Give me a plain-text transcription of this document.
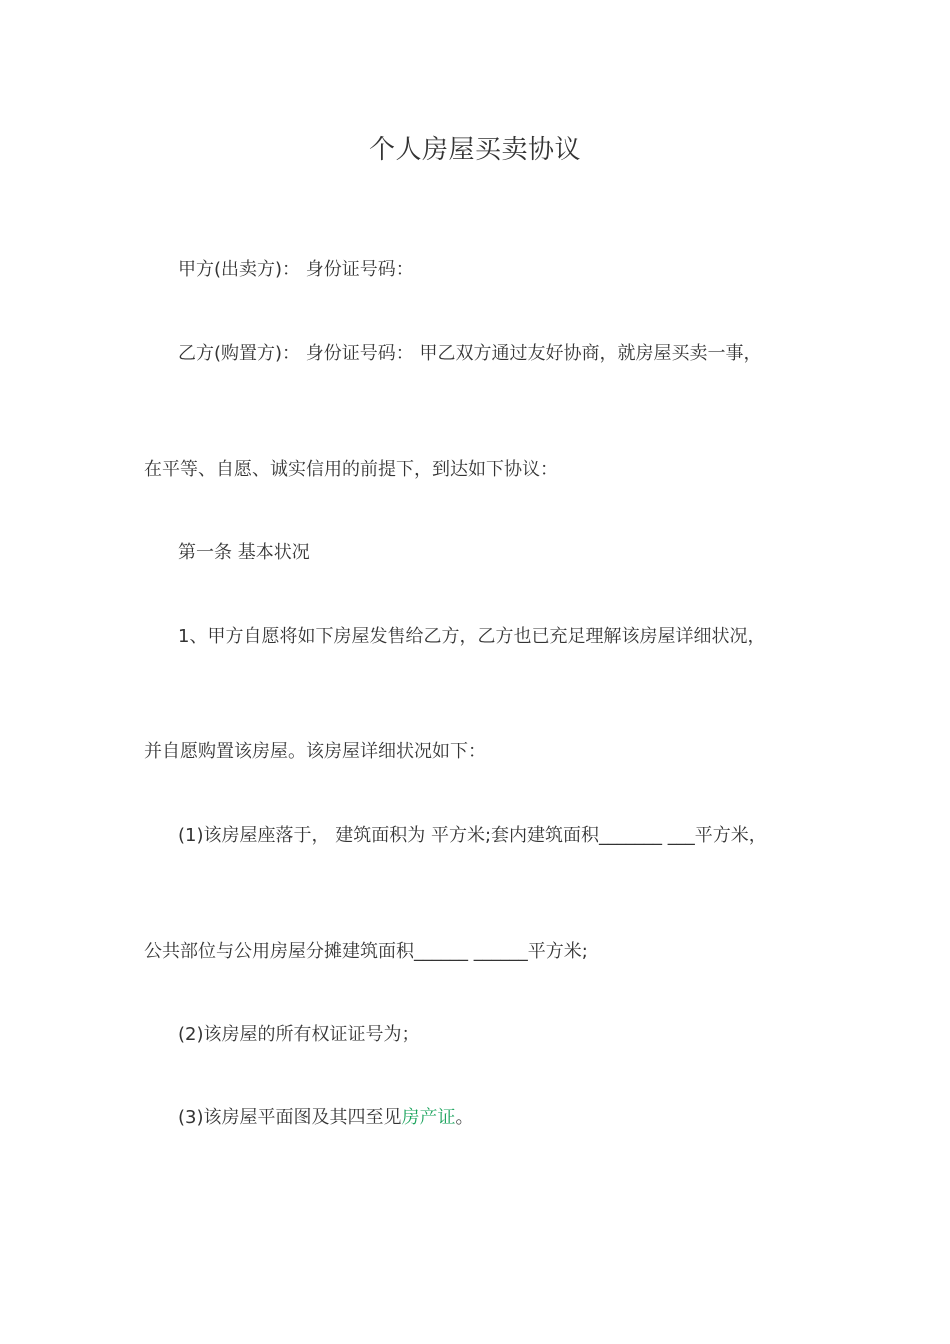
个人房屋买卖协议
甲方(出卖方)： 身份证号码：
乙方(购置方)： 身份证号码： 甲乙双方通过友好协商，就房屋买卖一事，
在平等、自愿、诚实信用的前提下，到达如下协议：
第一条 基本状况
1、甲方自愿将如下房屋发售给乙方，乙方也已充足理解该房屋详细状况，
并自愿购置该房屋。该房屋详细状况如下：
(1)该房屋座落于， 建筑面积为 平方米;套内建筑面积_______ ___平方米，
公共部位与公用房屋分摊建筑面积______ ______平方米;
(2)该房屋的所有权证证号为；
(3)该房屋平面图及其四至见房产证。
